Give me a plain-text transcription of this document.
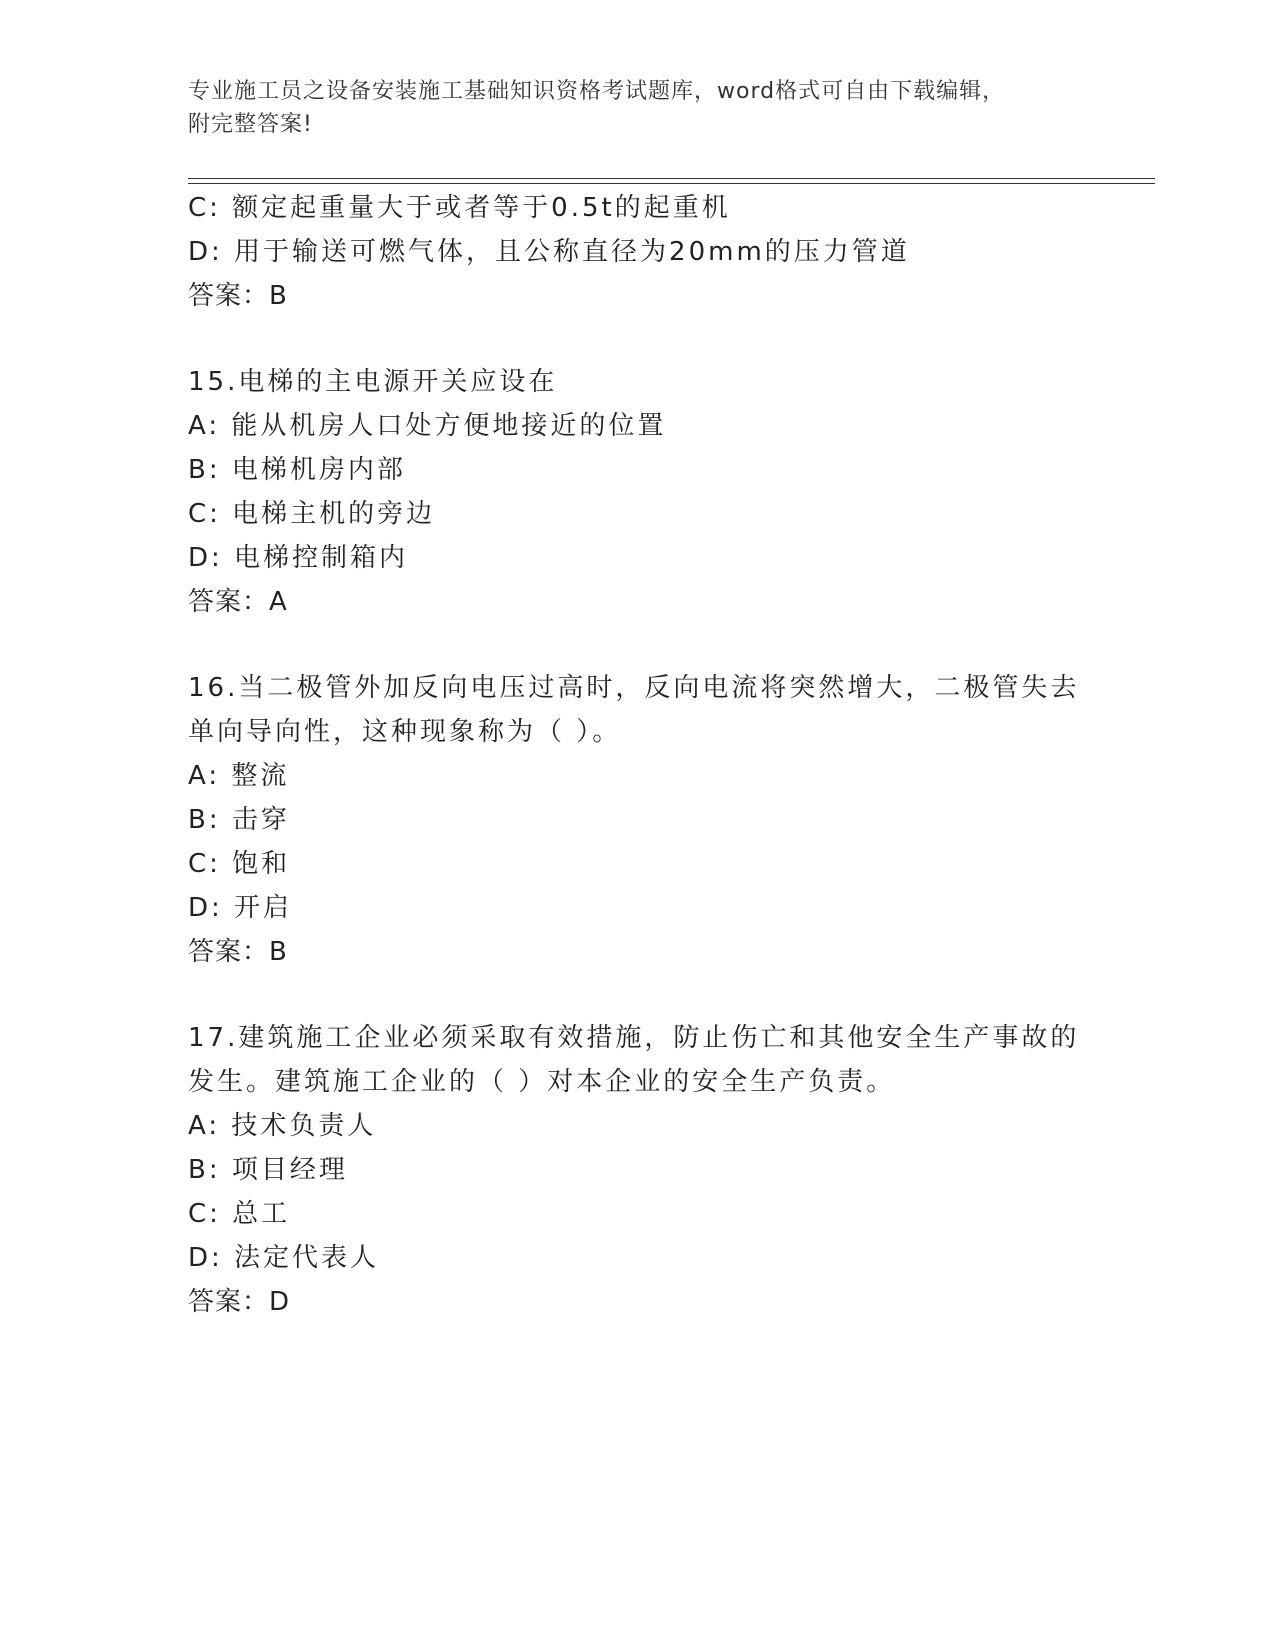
专业施工员之设备安装施工基础知识资格考试题库，word格式可自由下载编辑，
附完整答案!
C: 额定起重量大于或者等于0.5t的起重机
D: 用于输送可燃气体，且公称直径为20mm的压力管道
答案：B
15.电梯的主电源开关应设在
A: 能从机房人口处方便地接近的位置
B: 电梯机房内部
C: 电梯主机的旁边
D: 电梯控制箱内
答案：A
16.当二极管外加反向电压过高时，反向电流将突然增大，二极管失去
单向导向性，这种现象称为（ ）。
A: 整流
B: 击穿
C: 饱和
D: 开启
答案：B
17.建筑施工企业必须采取有效措施，防止伤亡和其他安全生产事故的
发生。建筑施工企业的（ ）对本企业的安全生产负责。
A: 技术负责人
B: 项目经理
C: 总工
D: 法定代表人
答案：D
